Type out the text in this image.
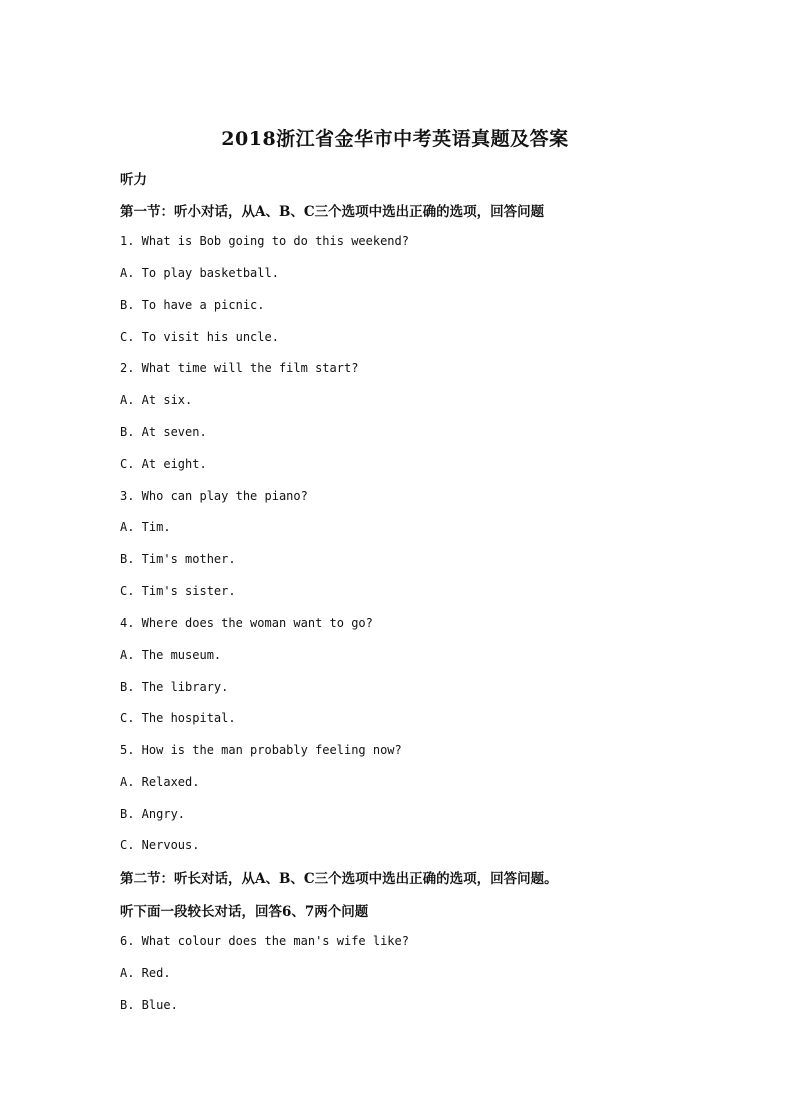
2018浙江省金华市中考英语真题及答案
听力
第一节：听小对话，从A、B、C三个选项中选出正确的选项，回答问题
1. What is Bob going to do this weekend?
A. To play basketball.
B. To have a picnic.
C. To visit his uncle.
2. What time will the film start?
A. At six.
B. At seven.
C. At eight.
3. Who can play the piano?
A. Tim.
B. Tim's mother.
C. Tim's sister.
4. Where does the woman want to go?
A. The museum.
B. The library.
C. The hospital.
5. How is the man probably feeling now?
A. Relaxed.
B. Angry.
C. Nervous.
第二节：听长对话，从A、B、C三个选项中选出正确的选项，回答问题。
听下面一段较长对话，回答6、7两个问题
6. What colour does the man's wife like?
A. Red.
B. Blue.
